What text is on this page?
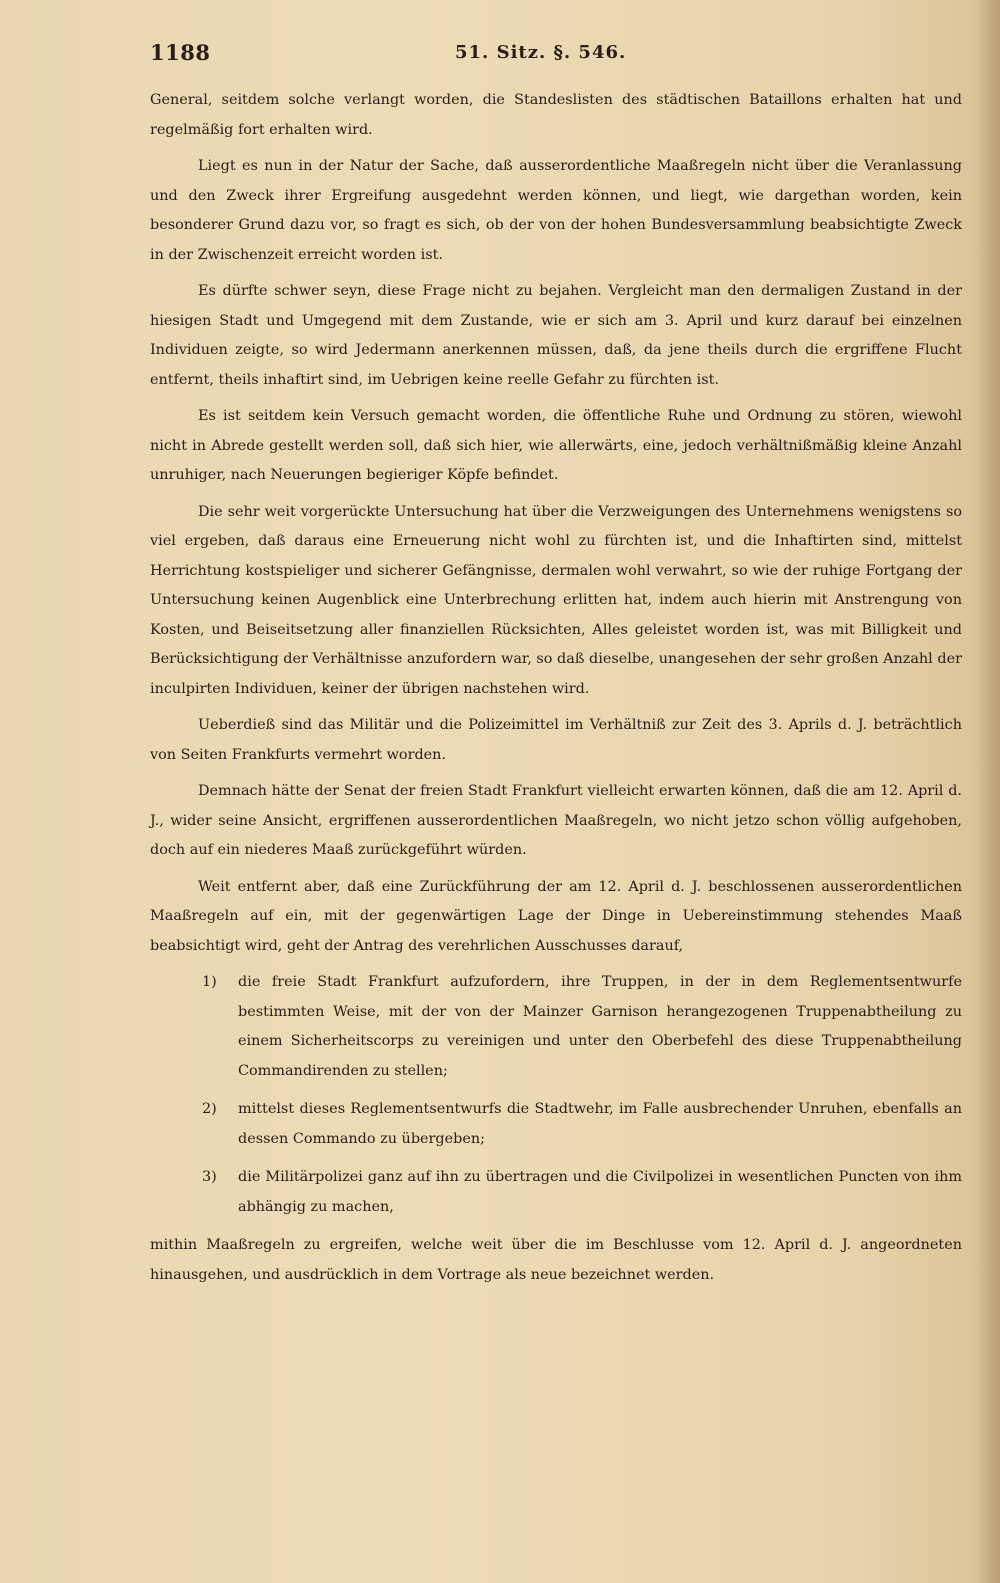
1188	51. Sitz. §. 546.

General, seitdem solche verlangt worden, die Standeslisten des städtischen Bataillons erhalten hat und regelmäßig fort erhalten wird.

Liegt es nun in der Natur der Sache, daß ausserordentliche Maaßregeln nicht über die Veranlassung und den Zweck ihrer Ergreifung ausgedehnt werden können, und liegt, wie dargethan worden, kein besonderer Grund dazu vor, so fragt es sich, ob der von der hohen Bundesversammlung beabsichtigte Zweck in der Zwischenzeit erreicht worden ist.

Es dürfte schwer seyn, diese Frage nicht zu bejahen. Vergleicht man den dermaligen Zustand in der hiesigen Stadt und Umgegend mit dem Zustande, wie er sich am 3. April und kurz darauf bei einzelnen Individuen zeigte, so wird Jedermann anerkennen müssen, daß, da jene theils durch die ergriffene Flucht entfernt, theils inhaftirt sind, im Uebrigen keine reelle Gefahr zu fürchten ist.

Es ist seitdem kein Versuch gemacht worden, die öffentliche Ruhe und Ordnung zu stören, wiewohl nicht in Abrede gestellt werden soll, daß sich hier, wie allerwärts, eine, jedoch verhältnißmäßig kleine Anzahl unruhiger, nach Neuerungen begieriger Köpfe befindet.

Die sehr weit vorgerückte Untersuchung hat über die Verzweigungen des Unternehmens wenigstens so viel ergeben, daß daraus eine Erneuerung nicht wohl zu fürchten ist, und die Inhaftirten sind, mittelst Herrichtung kostspieliger und sicherer Gefängnisse, dermalen wohl verwahrt, so wie der ruhige Fortgang der Untersuchung keinen Augenblick eine Unterbrechung erlitten hat, indem auch hierin mit Anstrengung von Kosten, und Beiseitsetzung aller finanziellen Rücksichten, Alles geleistet worden ist, was mit Billigkeit und Berücksichtigung der Verhältnisse anzufordern war, so daß dieselbe, unangesehen der sehr großen Anzahl der inculpirten Individuen, keiner der übrigen nachstehen wird.

Ueberdieß sind das Militär und die Polizeimittel im Verhältniß zur Zeit des 3. Aprils d. J. beträchtlich von Seiten Frankfurts vermehrt worden.

Demnach hätte der Senat der freien Stadt Frankfurt vielleicht erwarten können, daß die am 12. April d. J., wider seine Ansicht, ergriffenen ausserordentlichen Maaßregeln, wo nicht jetzo schon völlig aufgehoben, doch auf ein niederes Maaß zurückgeführt würden.

Weit entfernt aber, daß eine Zurückführung der am 12. April d. J. beschlossenen ausserordentlichen Maaßregeln auf ein, mit der gegenwärtigen Lage der Dinge in Uebereinstimmung stehendes Maaß beabsichtigt wird, geht der Antrag des verehrlichen Ausschusses darauf,

1) die freie Stadt Frankfurt aufzufordern, ihre Truppen, in der in dem Reglementsentwurfe bestimmten Weise, mit der von der Mainzer Garnison herangezogenen Truppenabtheilung zu einem Sicherheitscorps zu vereinigen und unter den Oberbefehl des diese Truppenabtheilung Commandirenden zu stellen;
2) mittelst dieses Reglementsentwurfs die Stadtwehr, im Falle ausbrechender Unruhen, ebenfalls an dessen Commando zu übergeben;
3) die Militärpolizei ganz auf ihn zu übertragen und die Civilpolizei in wesentlichen Puncten von ihm abhängig zu machen,

mithin Maaßregeln zu ergreifen, welche weit über die im Beschlusse vom 12. April d. J. angeordneten hinausgehen, und ausdrücklich in dem Vortrage als neue bezeichnet werden.
